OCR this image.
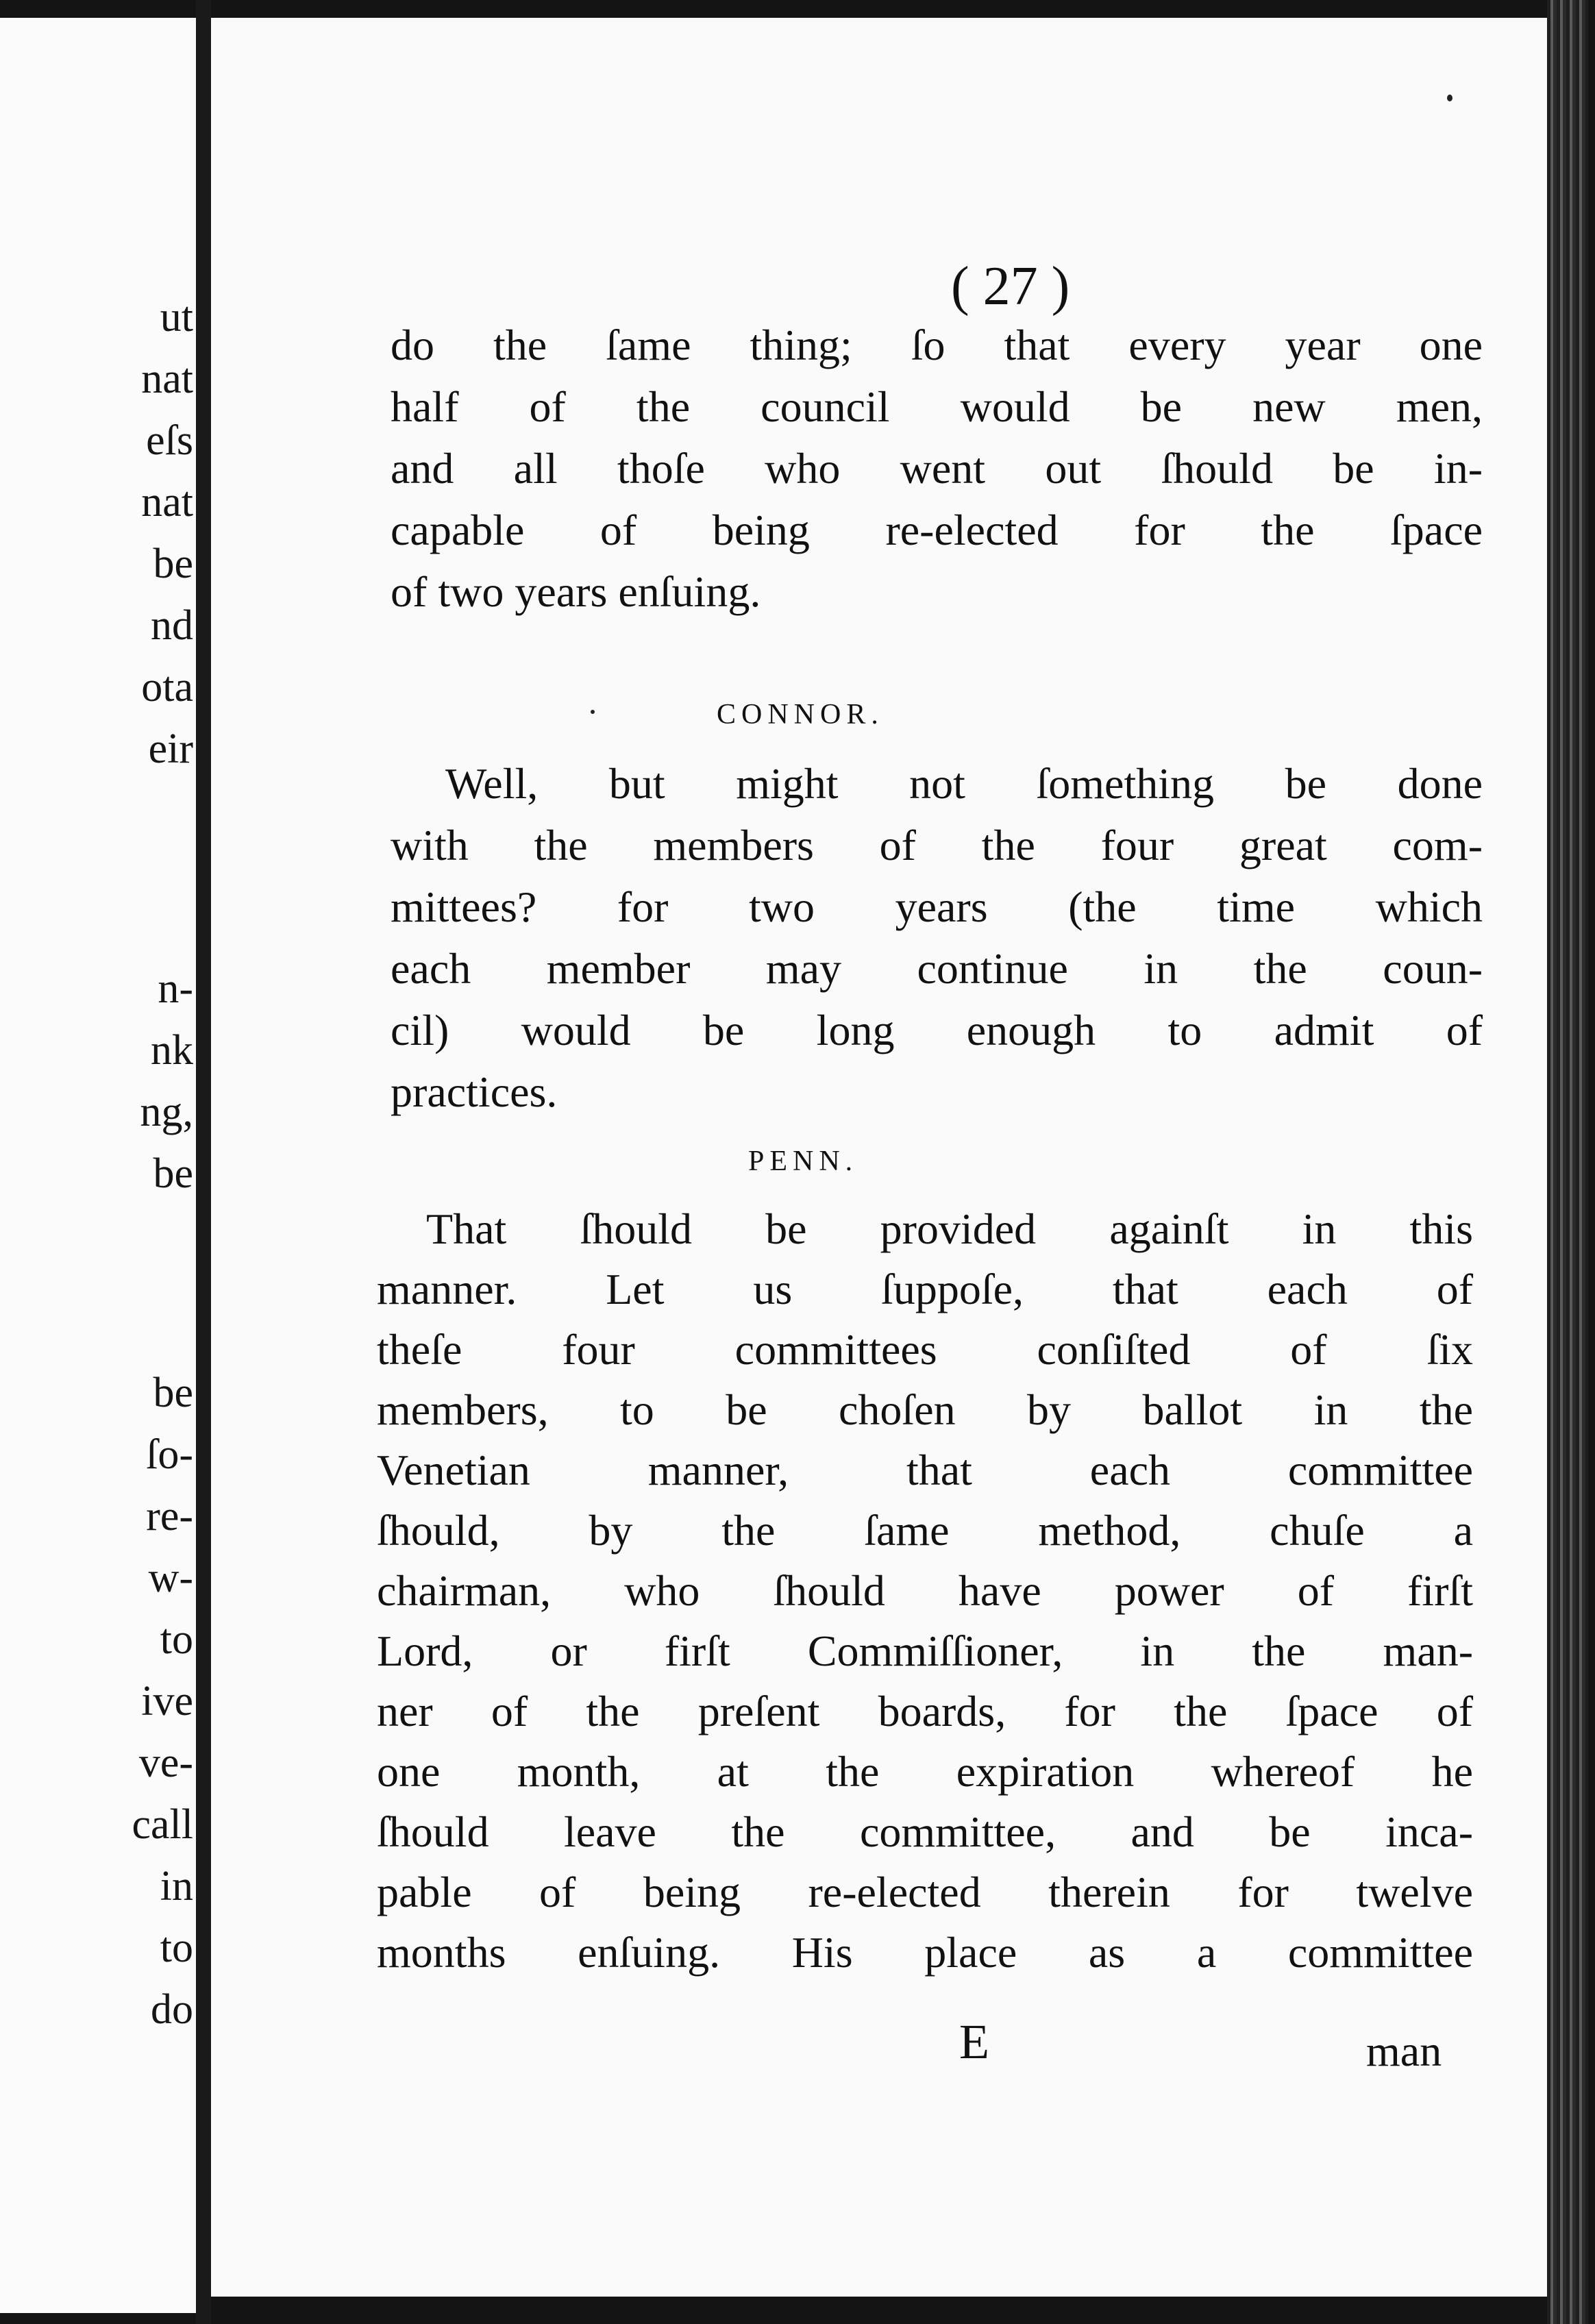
ut
nat
eſs
nat
be
nd
ota
eir
n-
nk
ng,
be
be
ſo-
re-
w-
to
ive
ve-
call
in
to
do
( 27 )
do the ſame thing; ſo that every year one
half of the council would be new men,
and all thoſe who went out ſhould be in-
capable of being re-elected for the ſpace
of two years enſuing.
CONNOR.
Well, but might not ſomething be done
with the members of the four great com-
mittees? for two years (the time which
each member may continue in the coun-
cil) would be long enough to admit of
practices.
PENN.
That ſhould be provided againſt in this
manner. Let us ſuppoſe, that each of
theſe four committees conſiſted of ſix
members, to be choſen by ballot in the
Venetian manner, that each committee
ſhould, by the ſame method, chuſe a
chairman, who ſhould have power of firſt
Lord, or firſt Commiſſioner, in the man-
ner of the preſent boards, for the ſpace of
one month, at the expiration whereof he
ſhould leave the committee, and be inca-
pable of being re-elected therein for twelve
months enſuing. His place as a committee
E	man
